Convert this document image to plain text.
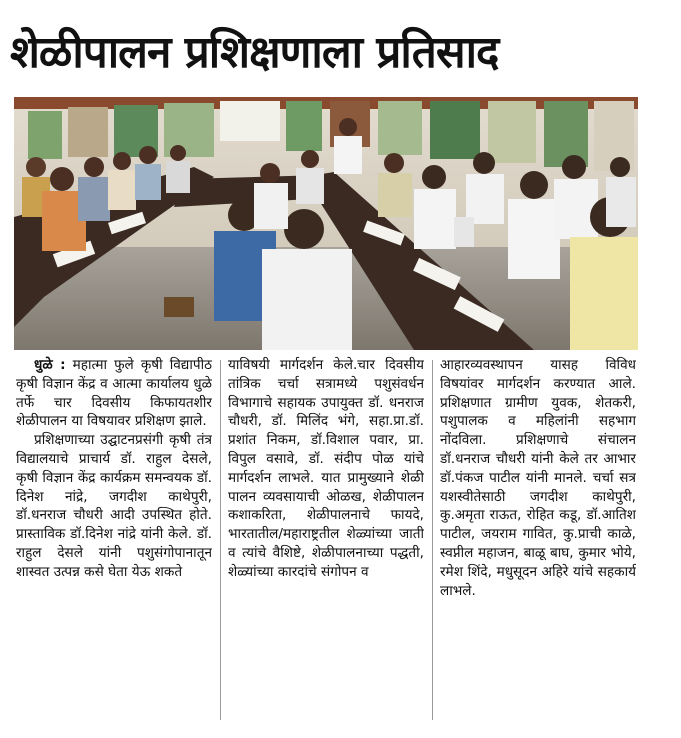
शेळीपालन प्रशिक्षणाला प्रतिसाद

धुळे : महात्मा फुले कृषी विद्यापीठ कृषी विज्ञान केंद्र व आत्मा कार्यालय धुळे तर्फे चार दिवसीय किफायतशीर शेळीपालन या विषयावर प्रशिक्षण झाले.

प्रशिक्षणाच्या उद्घाटनप्रसंगी कृषी तंत्र विद्यालयाचे प्राचार्य डॉ. राहुल देसले, कृषी विज्ञान केंद्र कार्यक्रम समन्वयक डॉ. दिनेश नांद्रे, जगदीश काथेपुरी, डॉ.धनराज चौधरी आदी उपस्थित होते. प्रास्ताविक डॉ.दिनेश नांद्रे यांनी केले. डॉ. राहुल देसले यांनी पशुसंगोपानातून शास्वत उत्पन्न कसे घेता येऊ शकते

याविषयी मार्गदर्शन केले.चार दिवसीय तांत्रिक चर्चा सत्रामध्ये पशुसंवर्धन विभागाचे सहायक उपायुक्त डॉ. धनराज चौधरी, डॉ. मिलिंद भंगे, सहा.प्रा.डॉ. प्रशांत निकम, डॉ.विशाल पवार, प्रा. विपुल वसावे, डॉ. संदीप पोळ यांचे मार्गदर्शन लाभले. यात प्रामुख्याने शेळी पालन व्यवसायाची ओळख, शेळीपालन कशाकरिता, शेळीपालनाचे फायदे, भारतातील/महाराष्ट्रतील शेळ्यांच्या जाती व त्यांचे वैशिष्टे, शेळीपालनाच्या पद्धती, शेळ्यांच्या कारदांचे संगोपन व

आहारव्यवस्थापन यासह विविध विषयांवर मार्गदर्शन करण्यात आले. प्रशिक्षणात ग्रामीण युवक, शेतकरी, पशुपालक व महिलांनी सहभाग नोंदविला. प्रशिक्षणाचे संचालन डॉ.धनराज चौधरी यांनी केले तर आभार डॉ.पंकज पाटील यांनी मानले. चर्चा सत्र यशस्वीतेसाठी जगदीश काथेपुरी, कु.अमृता राऊत, रोहित कडू, डॉ.आतिश पाटील, जयराम गावित, कु.प्राची काळे, स्वप्नील महाजन, बाळू बाघ, कुमार भोये, रमेश शिंदे, मधुसूदन अहिरे यांचे सहकार्य लाभले.
